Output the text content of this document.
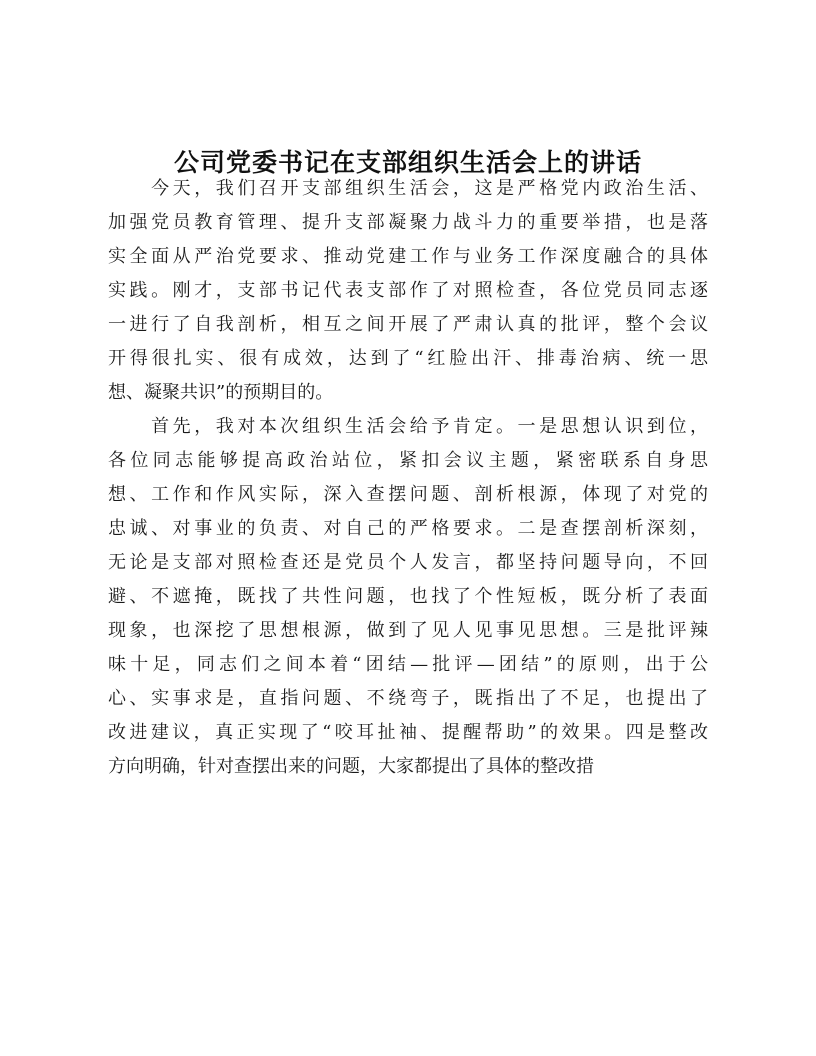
公司党委书记在支部组织生活会上的讲话

　　今天，我们召开支部组织生活会，这是严格党内政治生活、
加强党员教育管理、提升支部凝聚力战斗力的重要举措，也是落
实全面从严治党要求、推动党建工作与业务工作深度融合的具体
实践。刚才，支部书记代表支部作了对照检查，各位党员同志逐
一进行了自我剖析，相互之间开展了严肃认真的批评，整个会议
开得很扎实、很有成效，达到了“红脸出汗、排毒治病、统一思
想、凝聚共识”的预期目的。

　　首先，我对本次组织生活会给予肯定。一是思想认识到位，
各位同志能够提高政治站位，紧扣会议主题，紧密联系自身思
想、工作和作风实际，深入查摆问题、剖析根源，体现了对党的
忠诚、对事业的负责、对自己的严格要求。二是查摆剖析深刻，
无论是支部对照检查还是党员个人发言，都坚持问题导向，不回
避、不遮掩，既找了共性问题，也找了个性短板，既分析了表面
现象，也深挖了思想根源，做到了见人见事见思想。三是批评辣
味十足，同志们之间本着“团结—批评—团结”的原则，出于公
心、实事求是，直指问题、不绕弯子，既指出了不足，也提出了
改进建议，真正实现了“咬耳扯袖、提醒帮助”的效果。四是整改
方向明确，针对查摆出来的问题，大家都提出了具体的整改措
